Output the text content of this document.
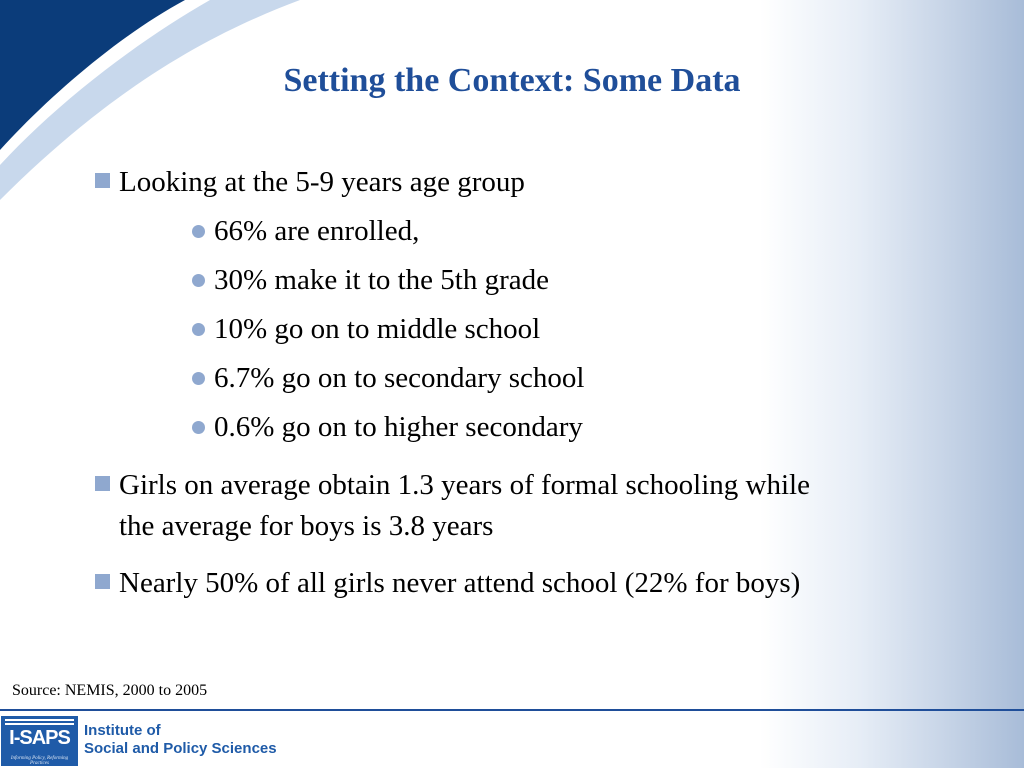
Setting the Context: Some Data
Looking at the 5-9 years age group
66% are enrolled,
30% make it to the 5th grade
10% go on to middle school
6.7% go on to secondary school
0.6% go on to higher secondary
Girls on average obtain 1.3 years of formal schooling while
the average for boys is 3.8 years
Nearly 50% of all girls never attend school (22% for boys)
Source: NEMIS, 2000 to 2005
I-SAPS
Informing Policy, Reforming Practices
Institute of
Social and Policy Sciences
